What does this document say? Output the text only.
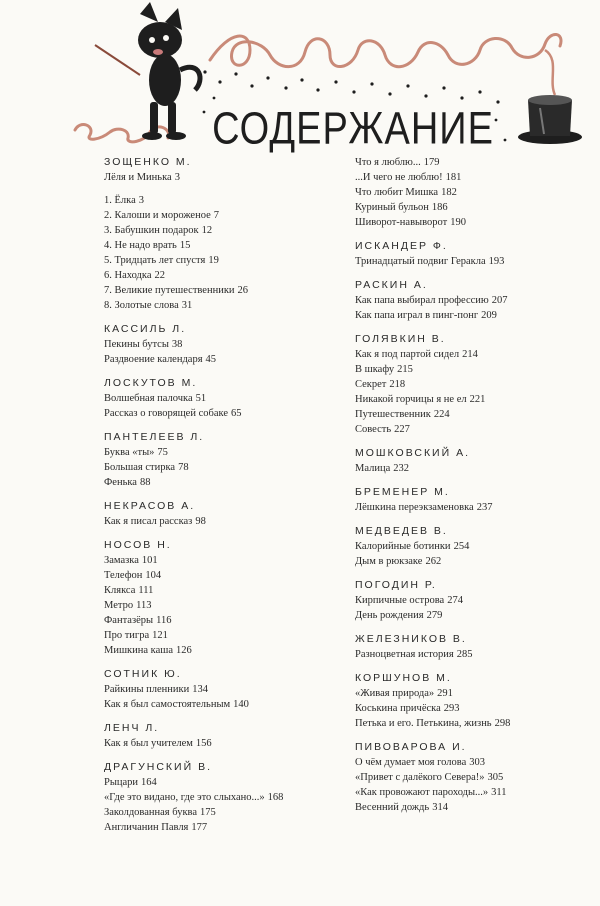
СОДЕРЖАНИЕ
ЗОЩЕНКО М.
Лёля и Минька 3
1. Ёлка 3
2. Калоши и мороженое 7
3. Бабушкин подарок 12
4. Не надо врать 15
5. Тридцать лет спустя 19
6. Находка 22
7. Великие путешественники 26
8. Золотые слова 31
КАССИЛЬ Л.
Пекины бутсы 38
Раздвоение календаря 45
ЛОСКУТОВ М.
Волшебная палочка 51
Рассказ о говорящей собаке 65
ПАНТЕЛЕЕВ Л.
Буква «ты» 75
Большая стирка 78
Фенька 88
НЕКРАСОВ А.
Как я писал рассказ 98
НОСОВ Н.
Замазка 101
Телефон 104
Клякса 111
Метро 113
Фантазёры 116
Про тигра 121
Мишкина каша 126
СОТНИК Ю.
Райкины пленники 134
Как я был самостоятельным 140
ЛЕНЧ Л.
Как я был учителем 156
ДРАГУНСКИЙ В.
Рыцари 164
«Где это видано, где это слыхано...» 168
Заколдованная буква 175
Англичанин Павля 177
Что я люблю... 179
...И чего не люблю! 181
Что любит Мишка 182
Куриный бульон 186
Шиворот-навыворот 190
ИСКАНДЕР Ф.
Тринадцатый подвиг Геракла 193
РАСКИН А.
Как папа выбирал профессию 207
Как папа играл в пинг-понг 209
ГОЛЯВКИН В.
Как я под партой сидел 214
В шкафу 215
Секрет 218
Никакой горчицы я не ел 221
Путешественник 224
Совесть 227
МОШКОВСКИЙ А.
Малица 232
БРЕМЕНЕР М.
Лёшкина переэкзаменовка 237
МЕДВЕДЕВ В.
Калорийные ботинки 254
Дым в рюкзаке 262
ПОГОДИН Р.
Кирпичные острова 274
День рождения 279
ЖЕЛЕЗНИКОВ В.
Разноцветная история 285
КОРШУНОВ М.
«Живая природа» 291
Коськина причёска 293
Петька и его. Петькина, жизнь 298
ПИВОВАРОВА И.
О чём думает моя голова 303
«Привет с далёкого Севера!» 305
«Как провожают пароходы...» 311
Весенний дождь 314
